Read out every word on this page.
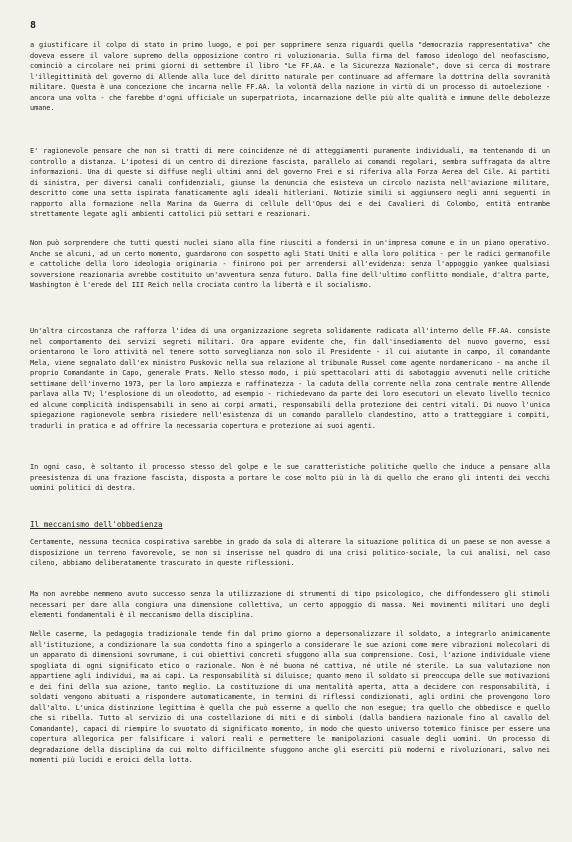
8
a giustificare il colpo di stato in primo luogo, e poi per sopprimere senza riguardi quella "democrazia rappresentativa" che doveva essere il valore supremo della opposizione contro ri voluzionaria. Sulla firma del famoso ideologo del neofascismo, cominciò a circolare nei primi giorni di settembre il libro "Le FF.AA. e la Sicurezza Nazionale", dove si cerca di mostrare l'illegittimità del governo di Allende alla luce del diritto naturale per continuare ad affermare la dottrina della sovranità militare. Questa è una concezione che incarna nelle FF.AA. la volontà della nazione in virtù di un processo di autoelezione - ancora una volta - che farebbe d'ogni ufficiale un superpatriota, incarnazione delle più alte qualità e immune delle debolezze umane.
E' ragionevole pensare che non si tratti di mere coincidenze né di atteggiamenti puramente individuali, ma tentenando di un controllo a distanza. L'ipotesi di un centro di direzione fascista, parallelo ai comandi regolari, sembra suffragata da altre informazioni. Una di queste si diffuse negli ultimi anni del governo Frei e si riferiva alla Forza Aerea del Cile. Ai partiti di sinistra, per diversi canali confidenziali, giunse la denuncia che esisteva un circolo nazista nell'aviazione militare, descritto come una setta ispirata fanaticamente agli ideali hitleriani. Notizie simili si aggiunsero negli anni seguenti in rapporto alla formazione nella Marina da Guerra di cellule dell'Opus dei e dei Cavalieri di Colombo, entità entrambe strettamente legate agli ambienti cattolici più settari e reazionari.
Non può sorprendere che tutti questi nuclei siano alla fine riusciti a fondersi in un'impresa comune e in un piano operativo. Anche se alcuni, ad un certo momento, guardarono con sospetto agli Stati Uniti e alla loro politica - per le radici germanofile e cattoliche della loro ideologia originaria - finirono poi per arrendersi all'evidenza: senza l'appoggio yankee qualsiasi sovversione reazionaria avrebbe costituito un'avventura senza futuro. Dalla fine dell'ultimo conflitto mondiale, d'altra parte, Washington è l'erede del III Reich nella crociata contro la libertà e il socialismo.
Un'altra circostanza che rafforza l'idea di una organizzazione segreta solidamente radicata all'interno delle FF.AA. consiste nel comportamento dei servizi segreti militari. Ora appare evidente che, fin dall'insediamento del nuovo governo, essi orientarono le loro attività nel tenere sotto sorveglianza non solo il Presidente - il cui aiutante in campo, il comandante Mela, viene segnalato dall'ex ministro Puskovic nella sua relazione al tribunale Russel come agente nordamericano - ma anche il proprio Comandante in Capo, generale Prats. Nello stesso modo, i più spettacolari atti di sabotaggio avvenuti nelle critiche settimane dell'inverno 1973, per la loro ampiezza e raffinatezza - la caduta della corrente nella zona centrale mentre Allende parlava alla TV; l'esplosione di un oleodotto, ad esempio - richiedevano da parte dei loro esecutori un elevato livello tecnico ed alcune complicità indispensabili in seno ai corpi armati, responsabili della protezione dei centri vitali. Di nuovo l'unica spiegazione ragionevole sembra risiedere nell'esistenza di un comando parallelo clandestino, atto a tratteggiare i compiti, tradurli in pratica e ad offrire la necessaria copertura e protezione ai suoi agenti.
In ogni caso, è soltanto il processo stesso del golpe e le sue caratteristiche politiche quello che induce a pensare alla preesistenza di una frazione fascista, disposta a portare le cose molto più in là di quello che erano gli intenti dei vecchi uomini politici di destra.
Il meccanismo dell'obbedienza
Certamente, nessuna tecnica cospirativa sarebbe in grado da sola di alterare la situazione politica di un paese se non avesse a disposizione un terreno favorevole, se non si inserisse nel quadro di una crisi politico-sociale, la cui analisi, nel caso cileno, abbiamo deliberatamente trascurato in queste riflessioni.
Ma non avrebbe nemmeno avuto successo senza la utilizzazione di strumenti di tipo psicologico, che diffondessero gli stimoli necessari per dare alla congiura una dimensione collettiva, un certo appoggio di massa. Nei movimenti militari uno degli elementi fondamentali è il meccanismo della disciplina.
Nelle caserme, la pedagogia tradizionale tende fin dal primo giorno a depersonalizzare il soldato, a integrarlo animicamente all'istituzione, a condizionare la sua condotta fino a spingerlo a considerare le sue azioni come mere vibrazioni molecolari di un apparato di dimensioni sovrumane, i cui obiettivi concreti sfuggono alla sua comprensione. Così, l'azione individuale viene spogliata di ogni significato etico o razionale. Non è né buona né cattiva, né utile né sterile. La sua valutazione non appartiene agli individui, ma ai capi. La responsabilità si diluisce; quanto meno il soldato si preoccupa delle sue motivazioni e dei fini della sua azione, tanto meglio. La costituzione di una mentalità aperta, atta a decidere con responsabilità, i soldati vengono abituati a rispondere automaticamente, in termini di riflessi condizionati, agli ordini che provengono loro dall'alto. L'unica distinzione legittima è quella che può esserne a quello che non esegue; tra quello che obbedisce e quello che si ribella. Tutto al servizio di una costellazione di miti e di simboli (dalla bandiera nazionale fino al cavallo del Comandante), capaci di riempire lo svuotato di significato momento, in modo che questo universo totemico finisce per essere una copertura allegorica per falsificare i valori reali e permettere le manipolazioni casuale degli uomini. Un processo di degradazione della disciplina da cui molto difficilmente sfuggono anche gli eserciti più moderni e rivoluzionari, salvo nei momenti più lucidi e eroici della lotta.
